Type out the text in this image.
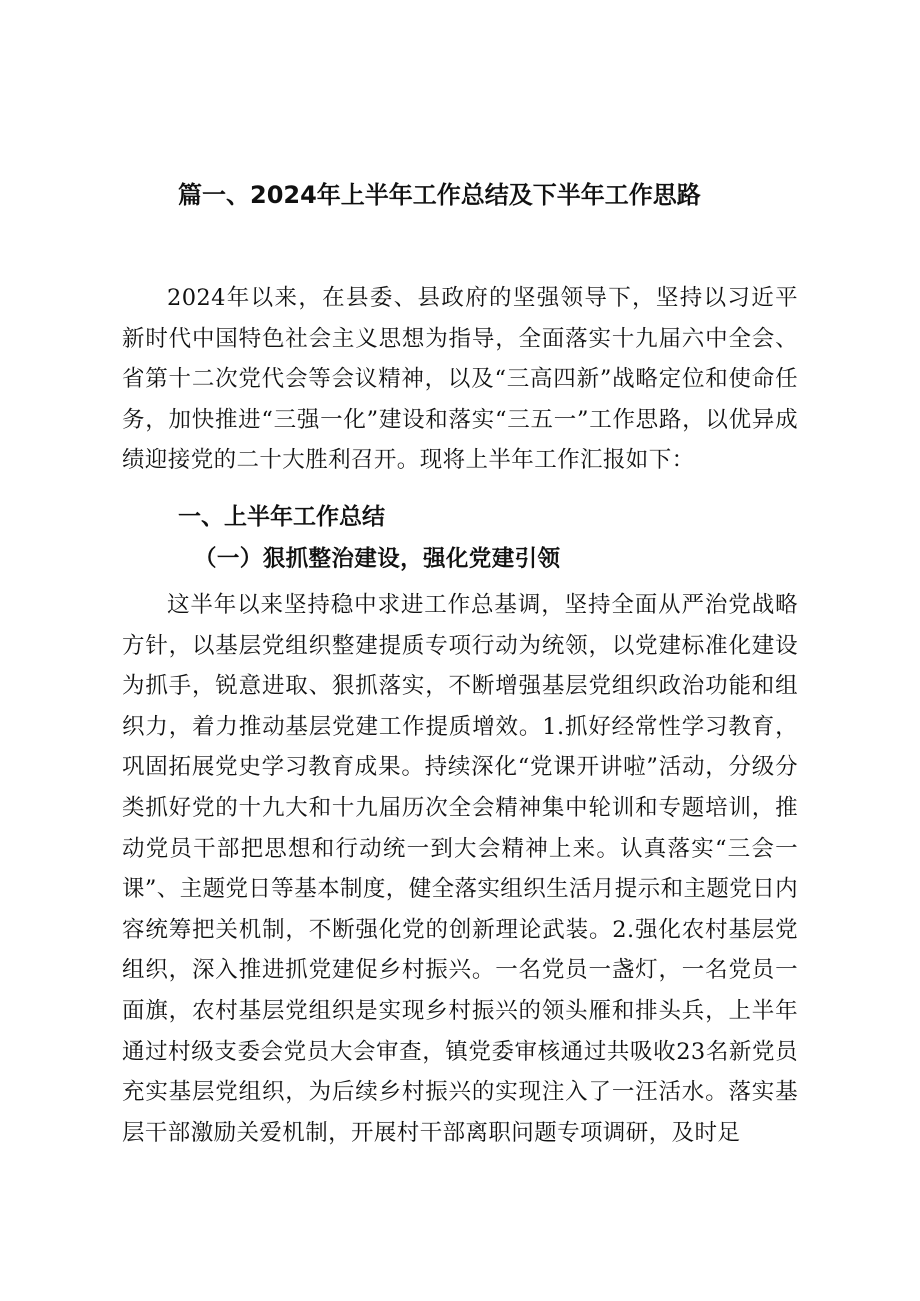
篇一、2024年上半年工作总结及下半年工作思路

2024年以来，在县委、县政府的坚强领导下，坚持以习近平新时代中国特色社会主义思想为指导，全面落实十九届六中全会、省第十二次党代会等会议精神，以及“三高四新”战略定位和使命任务，加快推进“三强一化”建设和落实“三五一”工作思路，以优异成绩迎接党的二十大胜利召开。现将上半年工作汇报如下：

一、上半年工作总结
（一）狠抓整治建设，强化党建引领

这半年以来坚持稳中求进工作总基调，坚持全面从严治党战略方针，以基层党组织整建提质专项行动为统领，以党建标准化建设为抓手，锐意进取、狠抓落实，不断增强基层党组织政治功能和组织力，着力推动基层党建工作提质增效。1.抓好经常性学习教育，巩固拓展党史学习教育成果。持续深化“党课开讲啦”活动，分级分类抓好党的十九大和十九届历次全会精神集中轮训和专题培训，推动党员干部把思想和行动统一到大会精神上来。认真落实“三会一课”、主题党日等基本制度，健全落实组织生活月提示和主题党日内容统筹把关机制，不断强化党的创新理论武装。2.强化农村基层党组织，深入推进抓党建促乡村振兴。一名党员一盏灯，一名党员一面旗，农村基层党组织是实现乡村振兴的领头雁和排头兵，上半年通过村级支委会党员大会审查，镇党委审核通过共吸收23名新党员充实基层党组织，为后续乡村振兴的实现注入了一汪活水。落实基层干部激励关爱机制，开展村干部离职问题专项调研，及时足
